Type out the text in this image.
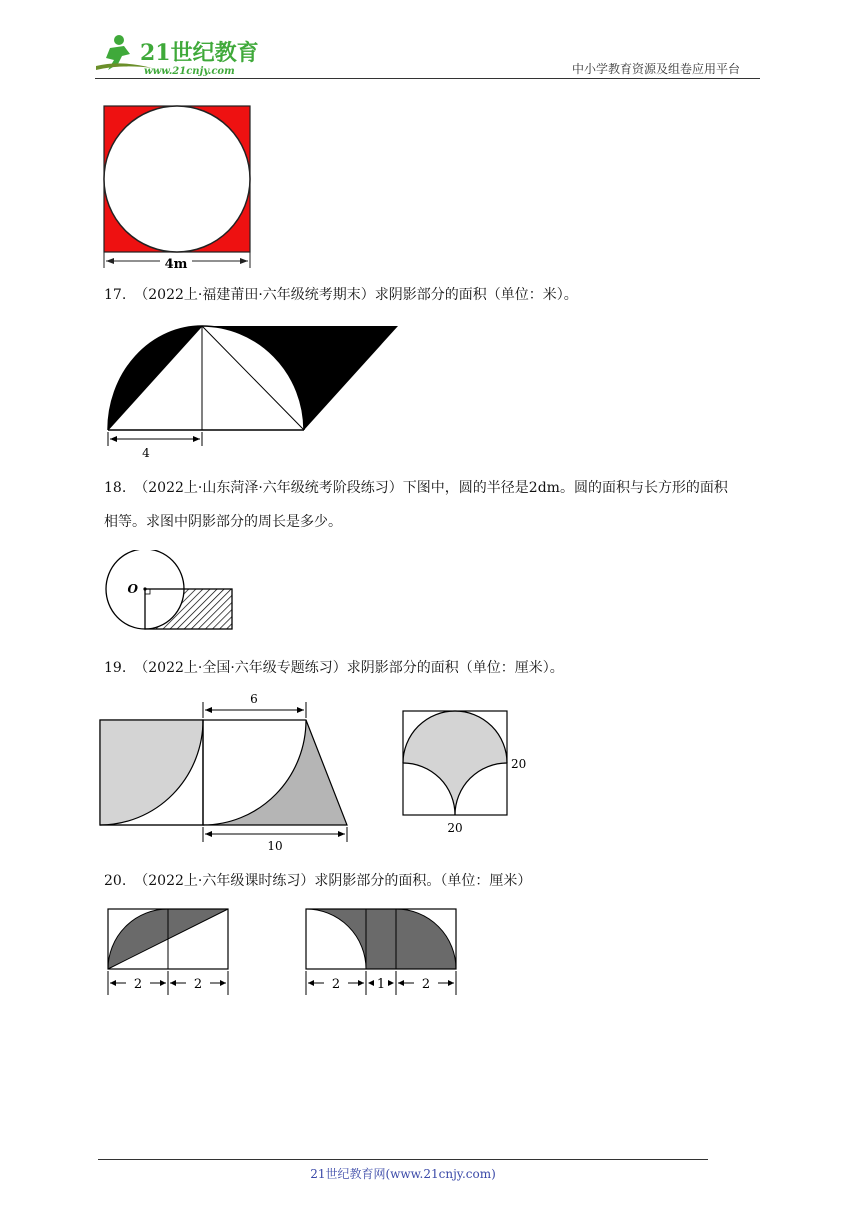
21世纪教育
www.21cnjy.com	中小学教育资源及组卷应用平台
4m
17. （2022上·福建莆田·六年级统考期末）求阴影部分的面积（单位：米）。
4
18. （2022上·山东菏泽·六年级统考阶段练习）下图中，圆的半径是2dm。圆的面积与长方形的面积
相等。求图中阴影部分的周长是多少。
O
19. （2022上·全国·六年级专题练习）求阴影部分的面积（单位：厘米）。
6
10
20
20
20. （2022上·六年级课时练习）求阴影部分的面积。（单位：厘米）
2	2	2	1	2
21世纪教育网(www.21cnjy.com)
